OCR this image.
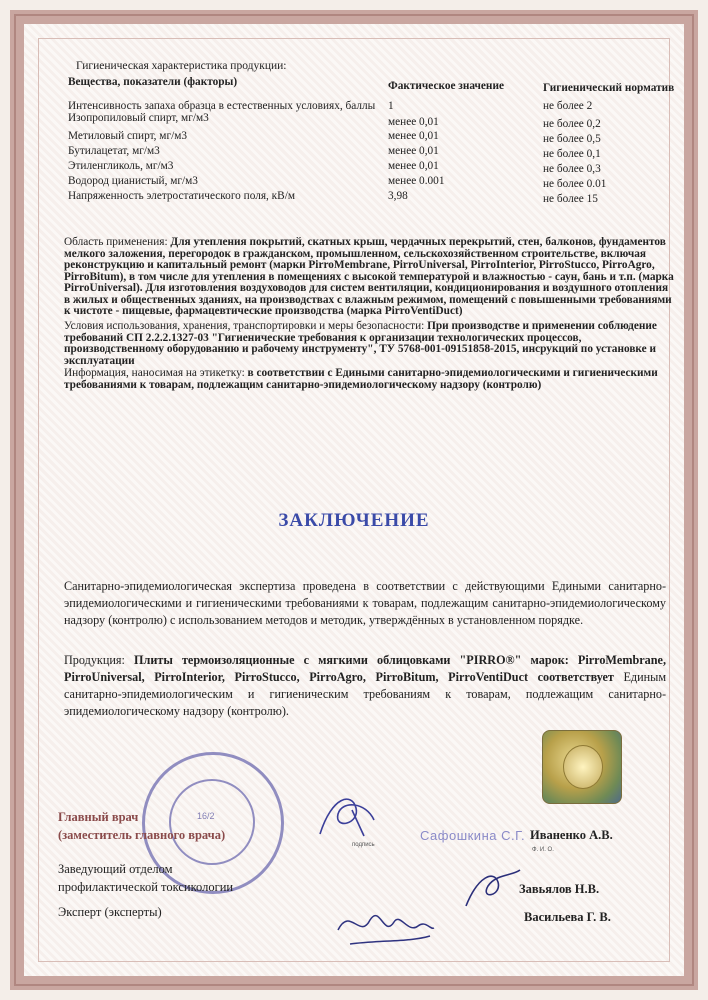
Гигиеническая характеристика продукции:
Вещества, показатели (факторы)	Фактическое значение	Гигиенический норматив
Интенсивность запаха образца в естественных условиях, баллы	1	не более 2
Изопропиловый спирт, мг/м3	менее 0,01	не более 0,2
Метиловый спирт, мг/м3	менее 0,01	не более 0,5
Бутилацетат, мг/м3	менее 0,01	не более 0,1
Этиленгликоль, мг/м3	менее 0,01	не более 0,3
Водород цианистый, мг/м3	менее 0.001	не более 0.01
Напряженность элетростатического поля, кВ/м	3,98	не более 15
Область применения: Для утепления покрытий, скатных крыш, чердачных перекрытий, стен, балконов, фундаментов мелкого заложения, перегородок в гражданском, промышленном, сельскохозяйственном строительстве, включая реконструкцию и капитальный ремонт (марки PirroMembrane, PirroUniversal, PirroInterior, PirroStucco, PirroAgro, PirroBitum), в том числе для утепления в помещениях с высокой температурой и влажностью - саун, бань и т.п. (марка PirroUniversal). Для изготовления воздуховодов для систем вентиляции, кондиционирования и воздушного отопления в жилых и общественных зданиях, на производствах с влажным режимом, помещений с повышенными требованиями к чистоте - пищевые, фармацевтические производства (марка PirroVentiDuct)
Условия использования, хранения, транспортировки и меры безопасности: При производстве и применении соблюдение требований СП 2.2.2.1327-03 "Гигиенические требования к организации технологических процессов, производственному оборудованию и рабочему инструменту", ТУ 5768-001-09151858-2015, инсрукций по установке и эксплуатации
Информация, наносимая на этикетку: в соответствии с Едиными санитарно-эпидемиологическими и гигиеническими требованиями к товарам, подлежащим санитарно-эпидемиологическому надзору (контролю)
ЗАКЛЮЧЕНИЕ
Санитарно-эпидемиологическая экспертиза проведена в соответствии с действующими Едиными санитарно-эпидемиологическими и гигиеническими требованиями к товарам, подлежащим санитарно-эпидемиологическому надзору (контролю) с использованием методов и методик, утверждённых в установленном порядке.
Продукция: Плиты термоизоляционные с мягкими облицовками "PIRRO®" марок: PirroMembrane, PirroUniversal, PirroInterior, PirroStucco, PirroAgro, PirroBitum, PirroVentiDuct соответствует Единым санитарно-эпидемиологическим и гигиеническим требованиям к товарам, подлежащим санитарно-эпидемиологическому надзору (контролю).
16/2
Главный врач
(заместитель главного врача)
подпись
Сафошкина С.Г. Иваненко А.В.
Ф. И. О.
Заведующий отделом
профилактической токсикологии	Завьялов Н.В.
Эксперт (эксперты)	Васильева Г. В.
